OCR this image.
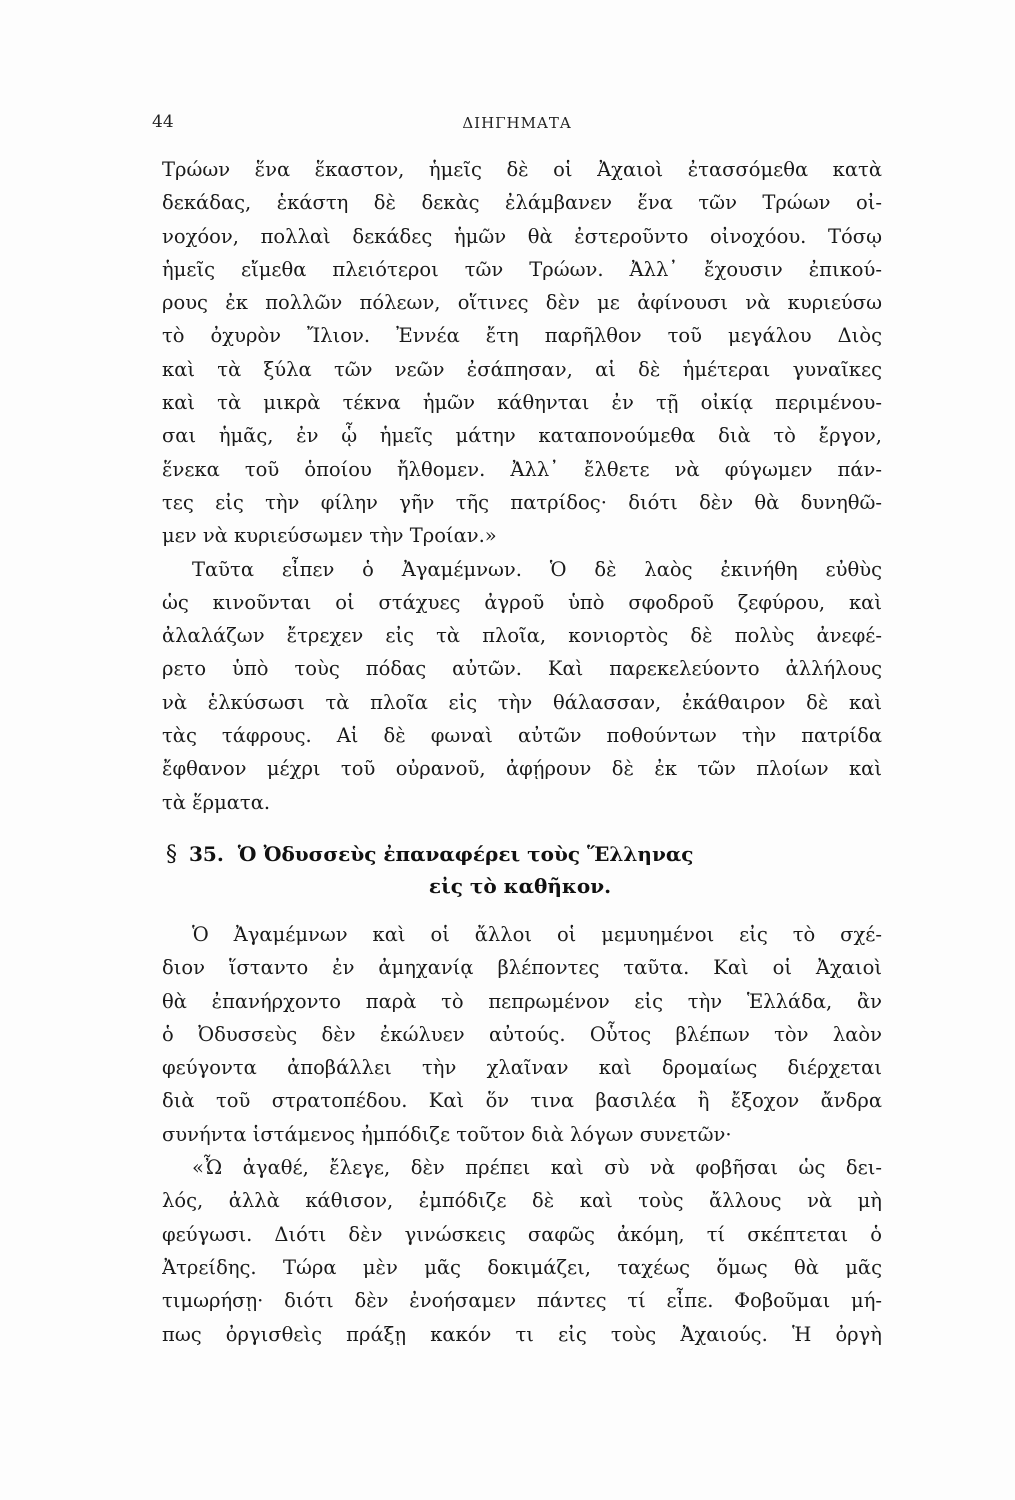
44	ΔΙΗΓΗΜΑΤΑ
Τρώων ἕνα ἕκαστον, ἡμεῖς δὲ οἱ Ἀχαιοὶ ἐτασσόμεθα κατὰ
δεκάδας, ἑκάστη δὲ δεκὰς ἐλάμβανεν ἕνα τῶν Τρώων οἰ-
νοχόον, πολλαὶ δεκάδες ἡμῶν θὰ ἐστεροῦντο οἰνοχόου. Τόσῳ
ἡμεῖς εἴμεθα πλειότεροι τῶν Τρώων. Ἀλλ᾽ ἔχουσιν ἐπικού-
ρους ἐκ πολλῶν πόλεων, οἵτινες δὲν με ἀφίνουσι νὰ κυριεύσω
τὸ ὀχυρὸν Ἴλιον. Ἐννέα ἔτη παρῆλθον τοῦ μεγάλου Διὸς
καὶ τὰ ξύλα τῶν νεῶν ἐσάπησαν, αἱ δὲ ἡμέτεραι γυναῖκες
καὶ τὰ μικρὰ τέκνα ἡμῶν κάθηνται ἐν τῇ οἰκίᾳ περιμένου-
σαι ἡμᾶς, ἐν ᾧ ἡμεῖς μάτην καταπονούμεθα διὰ τὸ ἔργον,
ἕνεκα τοῦ ὁποίου ἤλθομεν. Ἀλλ᾽ ἔλθετε νὰ φύγωμεν πάν-
τες εἰς τὴν φίλην γῆν τῆς πατρίδος· διότι δὲν θὰ δυνηθῶ-
μεν νὰ κυριεύσωμεν τὴν Τροίαν.»
Ταῦτα εἶπεν ὁ Ἀγαμέμνων. Ὁ δὲ λαὸς ἐκινήθη εὐθὺς
ὡς κινοῦνται οἱ στάχυες ἀγροῦ ὑπὸ σφοδροῦ ζεφύρου, καὶ
ἀλαλάζων ἔτρεχεν εἰς τὰ πλοῖα, κονιορτὸς δὲ πολὺς ἀνεφέ-
ρετο ὑπὸ τοὺς πόδας αὐτῶν. Καὶ παρεκελεύοντο ἀλλήλους
νὰ ἑλκύσωσι τὰ πλοῖα εἰς τὴν θάλασσαν, ἐκάθαιρον δὲ καὶ
τὰς τάφρους. Αἱ δὲ φωναὶ αὐτῶν ποθούντων τὴν πατρίδα
ἔφθανον μέχρι τοῦ οὐρανοῦ, ἀφῄρουν δὲ ἐκ τῶν πλοίων καὶ
τὰ ἕρματα.
§ 35. Ὁ Ὀδυσσεὺς ἐπαναφέρει τοὺς Ἕλληνας
εἰς τὸ καθῆκον.
Ὁ Ἀγαμέμνων καὶ οἱ ἄλλοι οἱ μεμυημένοι εἰς τὸ σχέ-
διον ἵσταντο ἐν ἀμηχανίᾳ βλέποντες ταῦτα. Καὶ οἱ Ἀχαιοὶ
θὰ ἐπανήρχοντο παρὰ τὸ πεπρωμένον εἰς τὴν Ἑλλάδα, ἂν
ὁ Ὀδυσσεὺς δὲν ἐκώλυεν αὐτούς. Οὗτος βλέπων τὸν λαὸν
φεύγοντα ἀποβάλλει τὴν χλαῖναν καὶ δρομαίως διέρχεται
διὰ τοῦ στρατοπέδου. Καὶ ὅν τινα βασιλέα ἢ ἔξοχον ἄνδρα
συνήντα ἱστάμενος ἠμπόδιζε τοῦτον διὰ λόγων συνετῶν·
«Ὦ ἀγαθέ, ἔλεγε, δὲν πρέπει καὶ σὺ νὰ φοβῆσαι ὡς δει-
λός, ἀλλὰ κάθισον, ἐμπόδιζε δὲ καὶ τοὺς ἄλλους νὰ μὴ
φεύγωσι. Διότι δὲν γινώσκεις σαφῶς ἀκόμη, τί σκέπτεται ὁ
Ἀτρείδης. Τώρα μὲν μᾶς δοκιμάζει, ταχέως ὅμως θὰ μᾶς
τιμωρήσῃ· διότι δὲν ἐνοήσαμεν πάντες τί εἶπε. Φοβοῦμαι μή-
πως ὀργισθεὶς πράξῃ κακόν τι εἰς τοὺς Ἀχαιούς. Ἡ ὀργὴ
